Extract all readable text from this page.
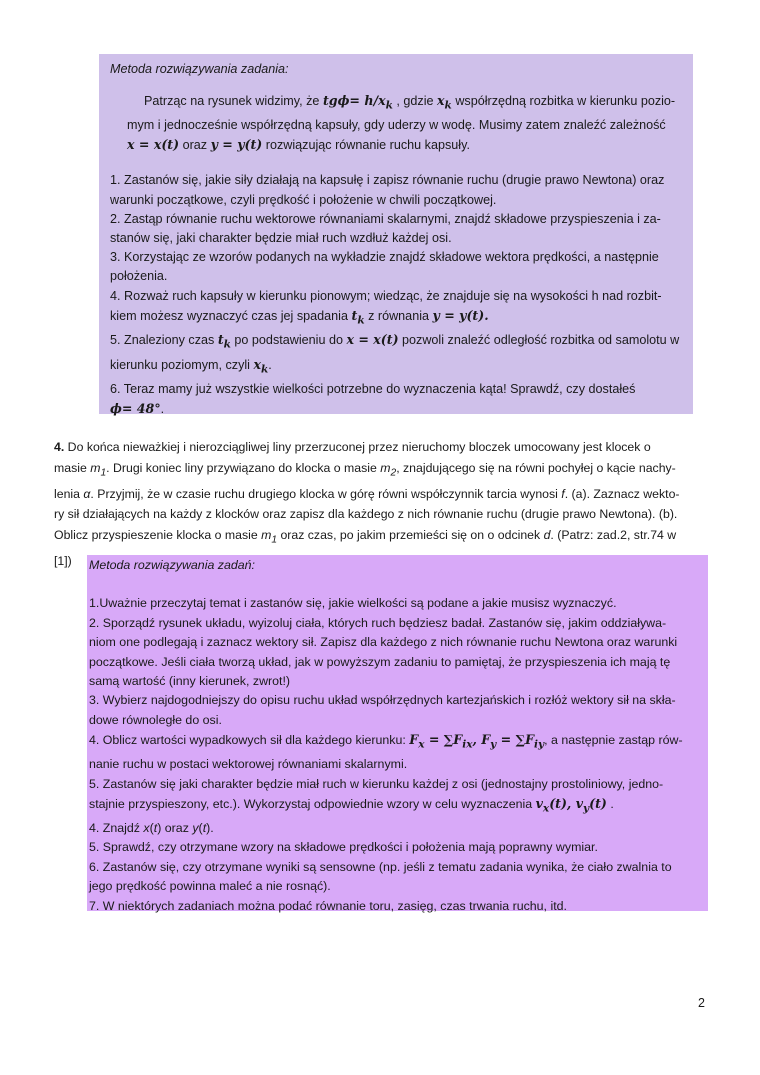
Metoda rozwiązywania zadania:
Patrząc na rysunek widzimy, że $tg\phi= h/x_k$ , gdzie $x_k$ współrzędną rozbitka w kierunku pozio-
mym i jednocześnie współrzędną kapsuły, gdy uderzy w wodę. Musimy zatem znaleźć zależność
x = x(t) oraz y = y(t) rozwiązując równanie ruchu kapsuły.
1. Zastanów się, jakie siły działają na kapsułę i zapisz równanie ruchu (drugie prawo Newtona) oraz
warunki początkowe, czyli prędkość i położenie w chwili początkowej.
2. Zastąp równanie ruchu wektorowe równaniami skalarnymi, znajdź składowe przyspieszenia i za-
stanów się, jaki charakter będzie miał ruch wzdłuż każdej osi.
3. Korzystając ze wzorów podanych na wykładzie znajdź składowe wektora prędkości, a następnie
położenia.
4. Rozważ ruch kapsuły w kierunku pionowym; wiedząc, że znajduje się na wysokości h nad rozbit-
kiem możesz wyznaczyć czas jej spadania $t_k$ z równania y = y(t).
5. Znaleziony czas $t_k$ po podstawieniu do x = x(t) pozwoli znaleźć odległość rozbitka od samolotu w
kierunku poziomym, czyli $x_k$.
6. Teraz mamy już wszystkie wielkości potrzebne do wyznaczenia kąta! Sprawdź, czy dostałeś
ϕ= 48°.
4. Do końca nieważkiej i nierozciągliwej liny przerzuconej przez nieruchomy bloczek umocowany jest klocek o
masie $m_1$. Drugi koniec liny przywiązano do klocka o masie $m_2$, znajdującego się na równi pochyłej o kącie nachy-
lenia α. Przyjmij, że w czasie ruchu drugiego klocka w górę równi współczynnik tarcia wynosi f. (a). Zaznacz wekto-
ry sił działających na każdy z klocków oraz zapisz dla każdego z nich równanie ruchu (drugie prawo Newtona). (b).
Oblicz przyspieszenie klocka o masie $m_1$ oraz czas, po jakim przemieści się on o odcinek d. (Patrz: zad.2, str.74 w
[1])	Metoda rozwiązywania zadań:
1.Uważnie przeczytaj temat i zastanów się, jakie wielkości są podane a jakie musisz wyznaczyć.
2. Sporządź rysunek układu, wyizoluj ciała, których ruch będziesz badał. Zastanów się, jakim oddziaływa-
niom one podlegają i zaznacz wektory sił. Zapisz dla każdego z nich równanie ruchu Newtona oraz warunki
początkowe. Jeśli ciała tworzą układ, jak w powyższym zadaniu to pamiętaj, że przyspieszenia ich mają tę
samą wartość (inny kierunek, zwrot!)
3. Wybierz najdogodniejszy do opisu ruchu układ współrzędnych kartezjańskich i rozłóż wektory sił na skła-
dowe równoległe do osi.
4. Oblicz wartości wypadkowych sił dla każdego kierunku: $F_x = \sum F_{ix}$, $F_y = \sum F_{iy}$, a następnie zastąp rów-
nanie ruchu w postaci wektorowej równaniami skalarnymi.
5. Zastanów się jaki charakter będzie miał ruch w kierunku każdej z osi (jednostajny prostoliniowy, jedno-
stajnie przyspieszony, etc.). Wykorzystaj odpowiednie wzory w celu wyznaczenia $v_x(t)$, $v_y(t)$ .
4. Znajdź x(t) oraz y(t).
5. Sprawdź, czy otrzymane wzory na składowe prędkości i położenia mają poprawny wymiar.
6. Zastanów się, czy otrzymane wyniki są sensowne (np. jeśli z tematu zadania wynika, że ciało zwalnia to
jego prędkość powinna maleć a nie rosnąć).
7. W niektórych zadaniach można podać równanie toru, zasięg, czas trwania ruchu, itd.
2
